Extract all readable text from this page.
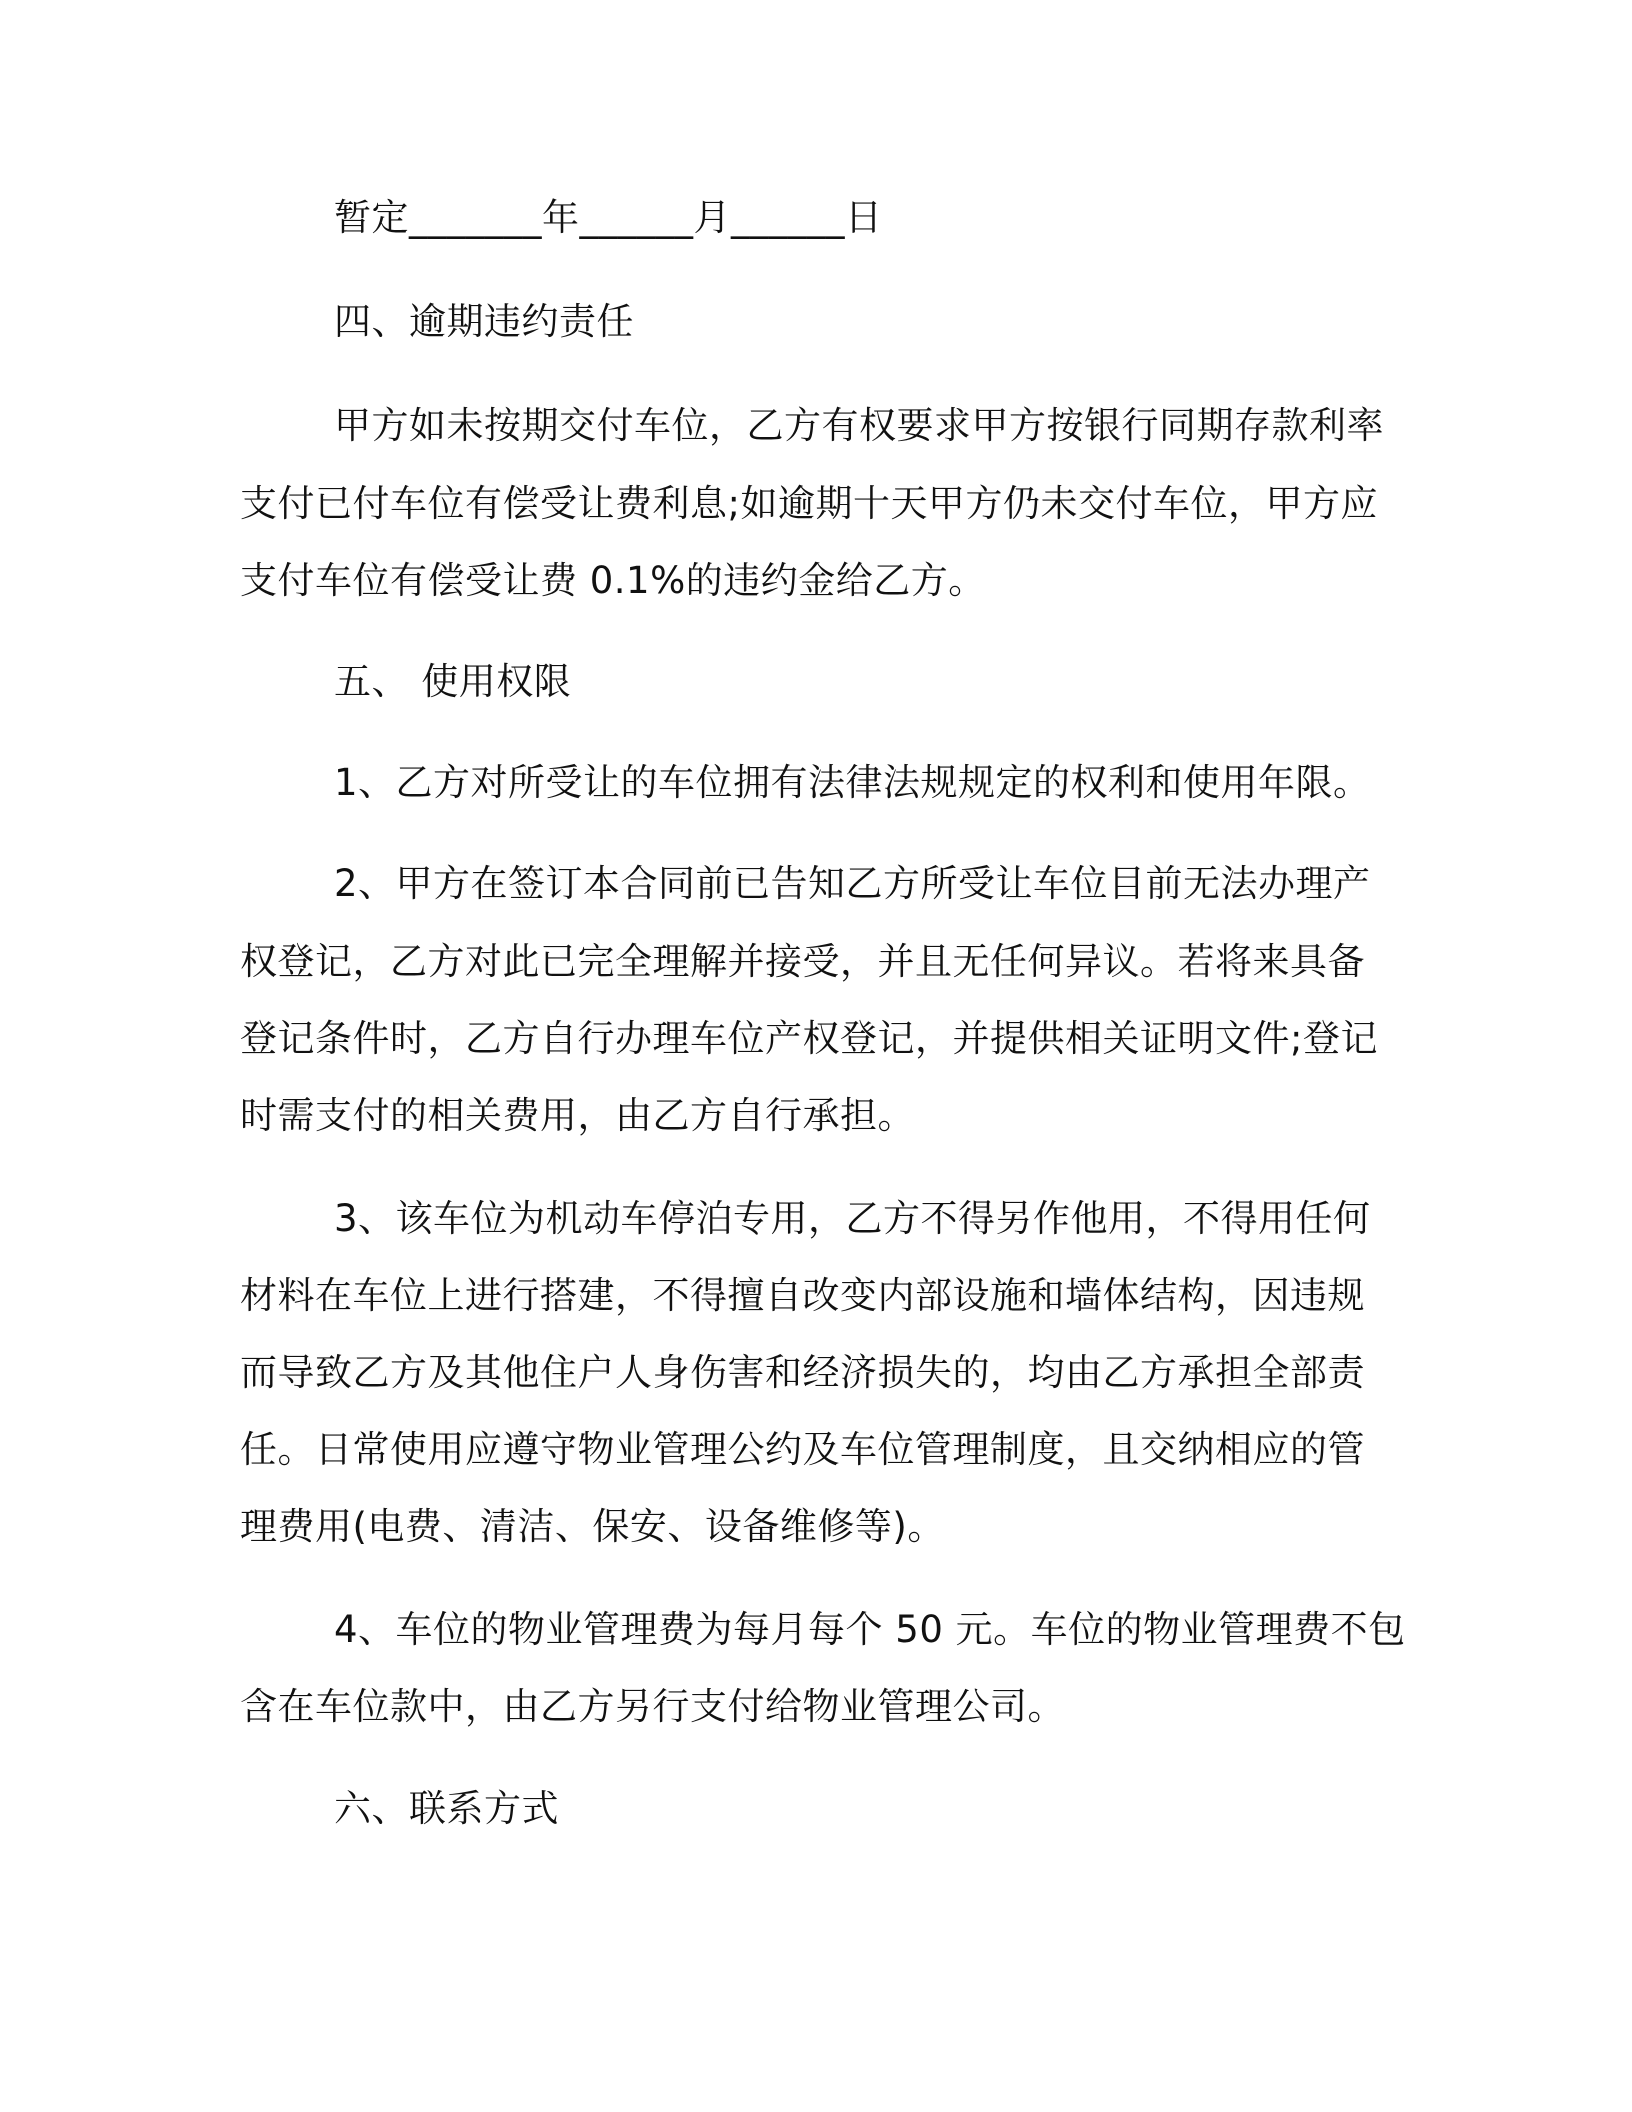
暂定_______年______月______日
四、逾期违约责任
甲方如未按期交付车位，乙方有权要求甲方按银行同期存款利率
支付已付车位有偿受让费利息;如逾期十天甲方仍未交付车位，甲方应
支付车位有偿受让费 0.1%的违约金给乙方。
五、 使用权限
1、乙方对所受让的车位拥有法律法规规定的权利和使用年限。
2、甲方在签订本合同前已告知乙方所受让车位目前无法办理产
权登记，乙方对此已完全理解并接受，并且无任何异议。若将来具备
登记条件时，乙方自行办理车位产权登记，并提供相关证明文件;登记
时需支付的相关费用，由乙方自行承担。
3、该车位为机动车停泊专用，乙方不得另作他用，不得用任何
材料在车位上进行搭建，不得擅自改变内部设施和墙体结构，因违规
而导致乙方及其他住户人身伤害和经济损失的，均由乙方承担全部责
任。日常使用应遵守物业管理公约及车位管理制度，且交纳相应的管
理费用(电费、清洁、保安、设备维修等)。
4、车位的物业管理费为每月每个 50 元。车位的物业管理费不包
含在车位款中，由乙方另行支付给物业管理公司。
六、联系方式
